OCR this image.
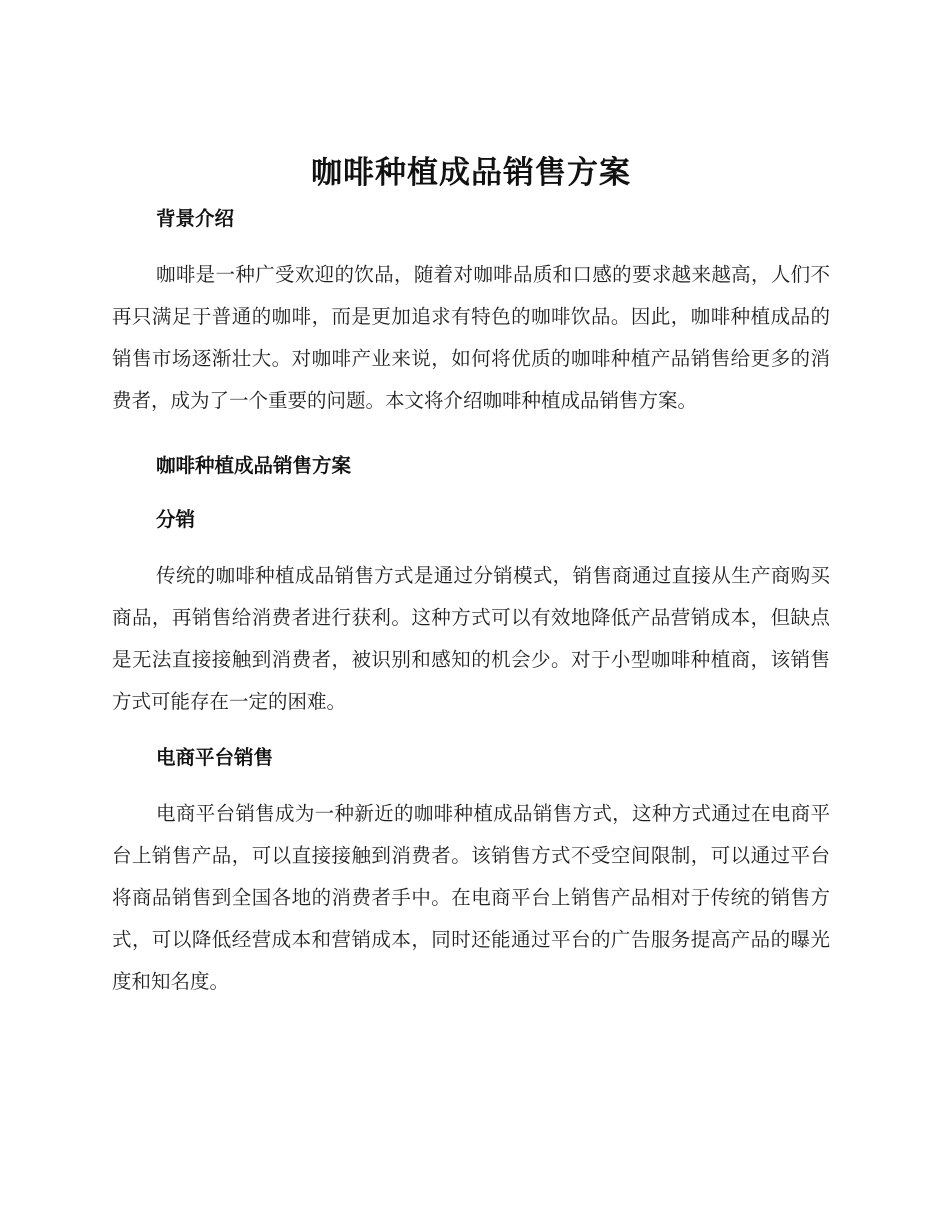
咖啡种植成品销售方案
背景介绍

咖啡是一种广受欢迎的饮品，随着对咖啡品质和口感的要求越来越高，人们不再只满足于普通的咖啡，而是更加追求有特色的咖啡饮品。因此，咖啡种植成品的销售市场逐渐壮大。对咖啡产业来说，如何将优质的咖啡种植产品销售给更多的消费者，成为了一个重要的问题。本文将介绍咖啡种植成品销售方案。

咖啡种植成品销售方案
分销

传统的咖啡种植成品销售方式是通过分销模式，销售商通过直接从生产商购买商品，再销售给消费者进行获利。这种方式可以有效地降低产品营销成本，但缺点是无法直接接触到消费者，被识别和感知的机会少。对于小型咖啡种植商，该销售方式可能存在一定的困难。

电商平台销售

电商平台销售成为一种新近的咖啡种植成品销售方式，这种方式通过在电商平台上销售产品，可以直接接触到消费者。该销售方式不受空间限制，可以通过平台将商品销售到全国各地的消费者手中。在电商平台上销售产品相对于传统的销售方式，可以降低经营成本和营销成本，同时还能通过平台的广告服务提高产品的曝光度和知名度。
